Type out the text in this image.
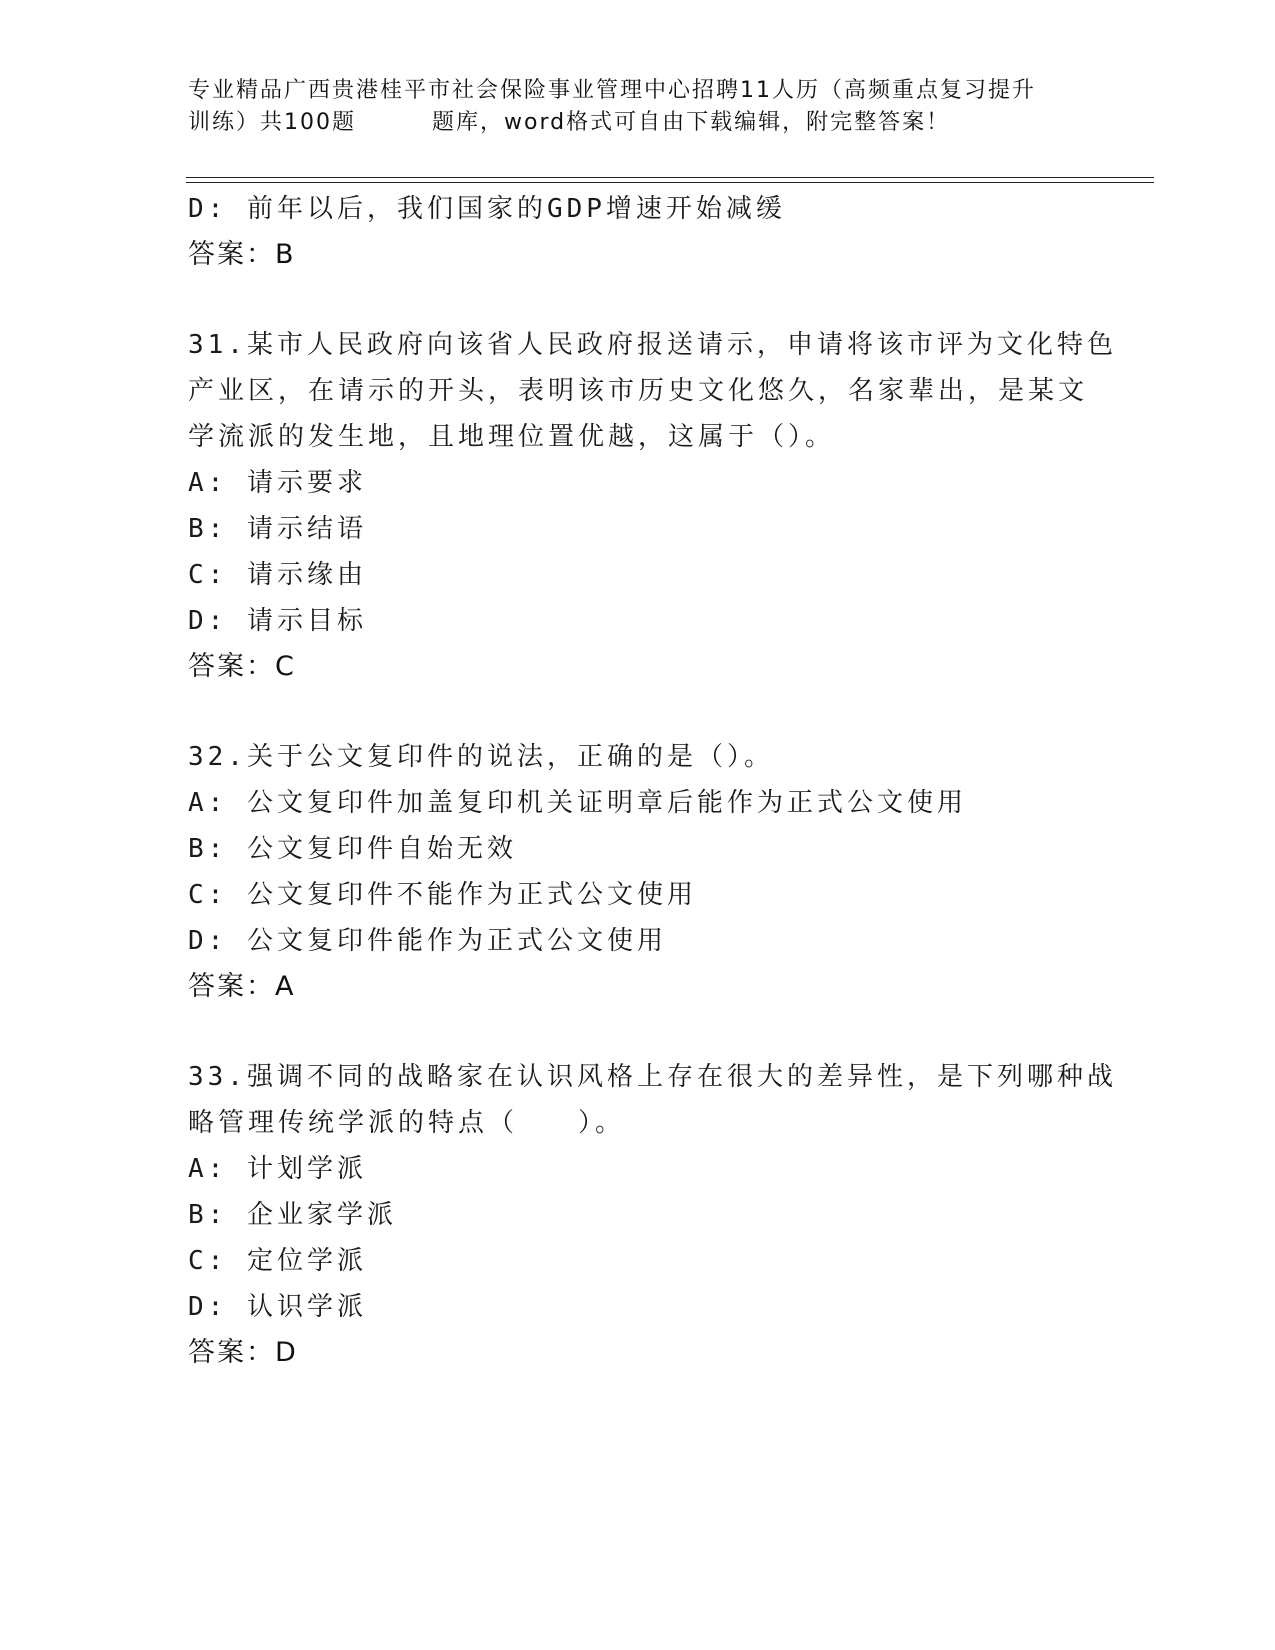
专业精品广西贵港桂平市社会保险事业管理中心招聘11人历（高频重点复习提升
训练）共100题	题库，word格式可自由下载编辑，附完整答案！
D: 前年以后，我们国家的GDP增速开始减缓
答案：B
31.某市人民政府向该省人民政府报送请示，申请将该市评为文化特色
产业区，在请示的开头，表明该市历史文化悠久，名家辈出，是某文
学流派的发生地，且地理位置优越，这属于（）。
A: 请示要求
B: 请示结语
C: 请示缘由
D: 请示目标
答案：C
32.关于公文复印件的说法，正确的是（）。
A: 公文复印件加盖复印机关证明章后能作为正式公文使用
B: 公文复印件自始无效
C: 公文复印件不能作为正式公文使用
D: 公文复印件能作为正式公文使用
答案：A
33.强调不同的战略家在认识风格上存在很大的差异性，是下列哪种战
略管理传统学派的特点（　　）。
A: 计划学派
B: 企业家学派
C: 定位学派
D: 认识学派
答案：D
